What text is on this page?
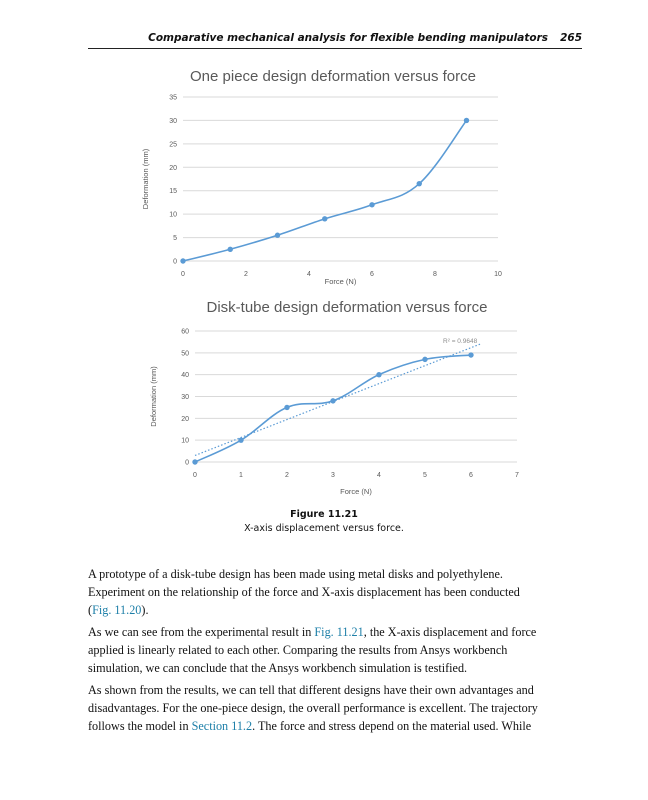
Comparative mechanical analysis for flexible bending manipulators 265
One piece design deformation versus force
0
5
10
15
20
25
30
35
0	2	4	6	8	10
Force (N)
Deformation (mm)
Disk-tube design deformation versus force
0
10
20
30
40
50
60
0	1	2	3	4	5	6	7
Force (N)
Deformation (mm)
R² = 0.9648
Figure 11.21
X-axis displacement versus force.
A prototype of a disk-tube design has been made using metal disks and polyethylene.
Experiment on the relationship of the force and X-axis displacement has been conducted
(Fig. 11.20).
As we can see from the experimental result in Fig. 11.21, the X-axis displacement and force
applied is linearly related to each other. Comparing the results from Ansys workbench
simulation, we can conclude that the Ansys workbench simulation is testified.
As shown from the results, we can tell that different designs have their own advantages and
disadvantages. For the one-piece design, the overall performance is excellent. The trajectory
follows the model in Section 11.2. The force and stress depend on the material used. While
